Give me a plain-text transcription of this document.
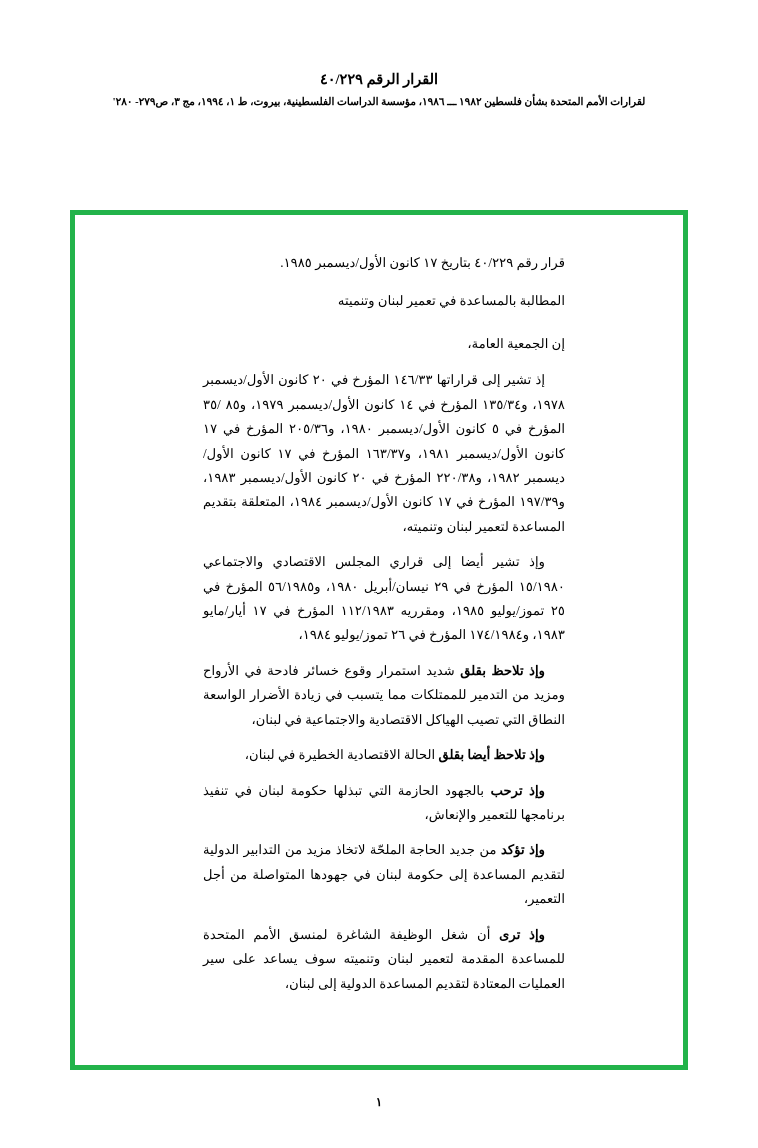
القرار الرقم ٤٠/٢٢٩
لقرارات الأمم المتحدة بشأن فلسطين ١٩٨٢ ـــ ١٩٨٦، مؤسسة الدراسات الفلسطينية، بيروت، ط ١، ١٩٩٤، مج ٣، ص٢٧٩- ٢٨٠'
قرار رقم ٤٠/٢٢٩ بتاريخ ١٧ كانون الأول/ديسمبر ١٩٨٥.
المطالبة بالمساعدة في تعمير لبنان وتنميته
إن الجمعية العامة،

إذ تشير إلى قراراتها ١٤٦/٣٣ المؤرخ في ٢٠ كانون الأول/ديسمبر ١٩٧٨، و١٣٥/٣٤ المؤرخ في ١٤ كانون الأول/ديسمبر ١٩٧٩، و٨٥ /٣٥ المؤرخ في ٥ كانون الأول/ديسمبر ١٩٨٠، و٢٠٥/٣٦ المؤرخ في ١٧ كانون الأول/ديسمبر ١٩٨١، و١٦٣/٣٧ المؤرخ في ١٧ كانون الأول/ديسمبر ١٩٨٢، و٢٢٠/٣٨ المؤرخ في ٢٠ كانون الأول/ديسمبر ١٩٨٣، و١٩٧/٣٩ المؤرخ في ١٧ كانون الأول/ديسمبر ١٩٨٤، المتعلقة بتقديم المساعدة لتعمير لبنان وتنميته،

وإذ تشير أيضا إلى قراري المجلس الاقتصادي والاجتماعي ١٥/١٩٨٠ المؤرخ في ٢٩ نيسان/أبريل ١٩٨٠، و٥٦/١٩٨٥ المؤرخ في ٢٥ تموز/يوليو ١٩٨٥، ومقرريه ١١٢/١٩٨٣ المؤرخ في ١٧ أيار/مايو ١٩٨٣، و١٧٤/١٩٨٤ المؤرخ في ٢٦ تموز/يوليو ١٩٨٤،

وإذ تلاحظ بقلق شديد استمرار وقوع خسائر فادحة في الأرواح ومزيد من التدمير للممتلكات مما يتسبب في زيادة الأضرار الواسعة النطاق التي تصيب الهياكل الاقتصادية والاجتماعية في لبنان،

وإذ تلاحظ أيضا بقلق الحالة الاقتصادية الخطيرة في لبنان،

وإذ ترحب بالجهود الحازمة التي تبذلها حكومة لبنان في تنفيذ برنامجها للتعمير والإنعاش،

وإذ تؤكد من جديد الحاجة الملحّة لاتخاذ مزيد من التدابير الدولية لتقديم المساعدة إلى حكومة لبنان في جهودها المتواصلة من أجل التعمير،

وإذ ترى أن شغل الوظيفة الشاغرة لمنسق الأمم المتحدة للمساعدة المقدمة لتعمير لبنان وتنميته سوف يساعد على سير العمليات المعتادة لتقديم المساعدة الدولية إلى لبنان،

١
